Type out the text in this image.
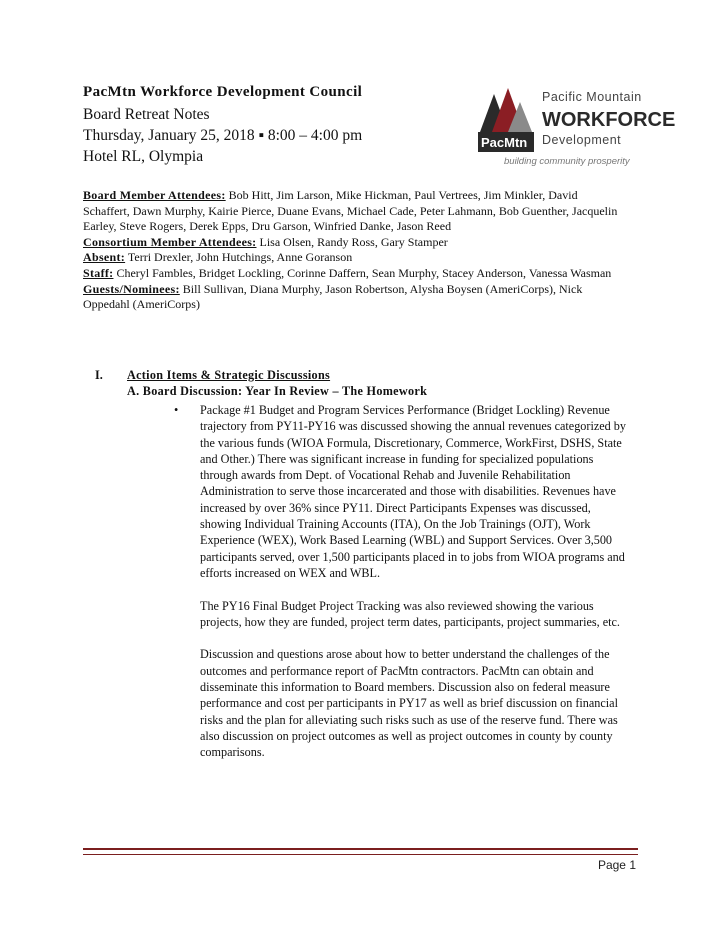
PacMtn Workforce Development Council

Board Retreat Notes

Thursday, January 25, 2018 ▪ 8:00 – 4:00 pm

Hotel RL, Olympia

PacMtn
Pacific Mountain
WORKFORCE
Development
building community prosperity

Board Member Attendees: Bob Hitt, Jim Larson, Mike Hickman, Paul Vertrees, Jim Minkler, David Schaffert, Dawn Murphy, Kairie Pierce, Duane Evans, Michael Cade, Peter Lahmann, Bob Guenther, Jacquelin Earley, Steve Rogers, Derek Epps, Dru Garson, Winfried Danke, Jason Reed

Consortium Member Attendees: Lisa Olsen, Randy Ross, Gary Stamper

Absent: Terri Drexler, John Hutchings, Anne Goranson

Staff: Cheryl Fambles, Bridget Lockling, Corinne Daffern, Sean Murphy, Stacey Anderson, Vanessa Wasman

Guests/Nominees: Bill Sullivan, Diana Murphy, Jason Robertson, Alysha Boysen (AmeriCorps), Nick Oppedahl (AmeriCorps)

I.	Action Items & Strategic Discussions
A. Board Discussion: Year In Review – The Homework
• Package #1 Budget and Program Services Performance (Bridget Lockling) Revenue trajectory from PY11-PY16 was discussed showing the annual revenues categorized by the various funds (WIOA Formula, Discretionary, Commerce, WorkFirst, DSHS, State and Other.) There was significant increase in funding for specialized populations through awards from Dept. of Vocational Rehab and Juvenile Rehabilitation Administration to serve those incarcerated and those with disabilities. Revenues have increased by over 36% since PY11. Direct Participants Expenses was discussed, showing Individual Training Accounts (ITA), On the Job Trainings (OJT), Work Experience (WEX), Work Based Learning (WBL) and Support Services. Over 3,500 participants served, over 1,500 participants placed in to jobs from WIOA programs and efforts increased on WEX and WBL.

The PY16 Final Budget Project Tracking was also reviewed showing the various projects, how they are funded, project term dates, participants, project summaries, etc.

Discussion and questions arose about how to better understand the challenges of the outcomes and performance report of PacMtn contractors. PacMtn can obtain and disseminate this information to Board members. Discussion also on federal measure performance and cost per participants in PY17 as well as brief discussion on financial risks and the plan for alleviating such risks such as use of the reserve fund. There was also discussion on project outcomes as well as project outcomes in county by county comparisons.

Page 1
